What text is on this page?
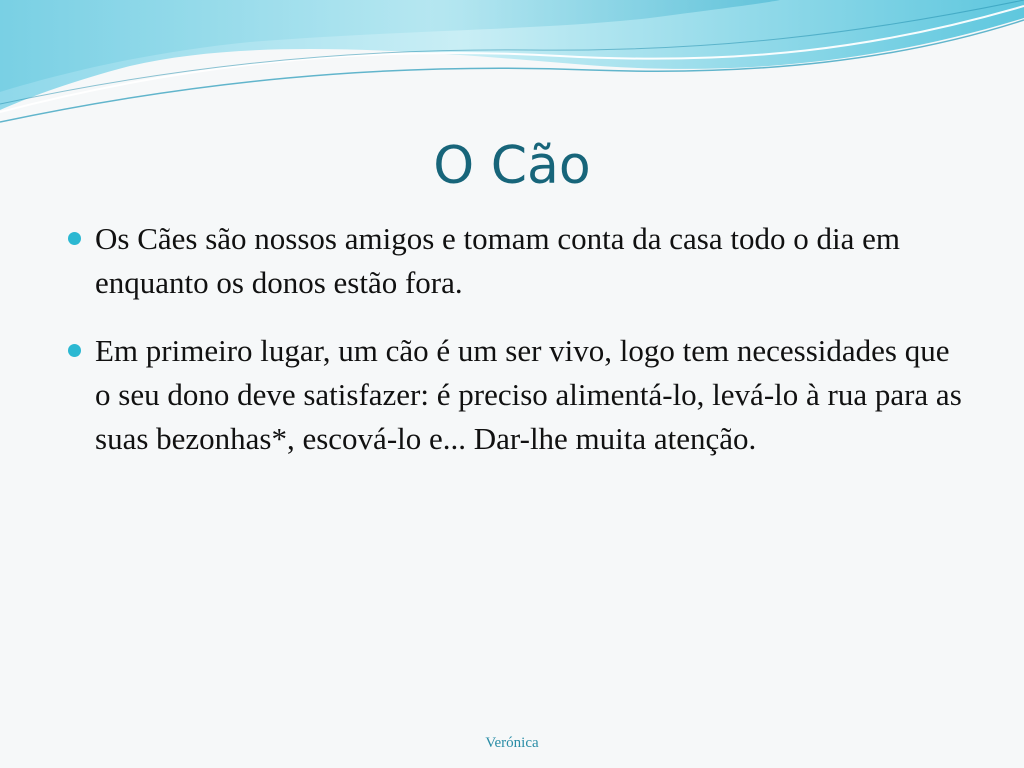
O Cão
Os Cães são nossos amigos e tomam conta da casa todo o dia em enquanto os donos estão fora.
Em primeiro lugar, um cão é um ser vivo, logo tem necessidades que o seu dono deve satisfazer: é preciso alimentá-lo, levá-lo à rua para as suas bezonhas*, escová-lo e... Dar-lhe muita atenção.
Verónica
